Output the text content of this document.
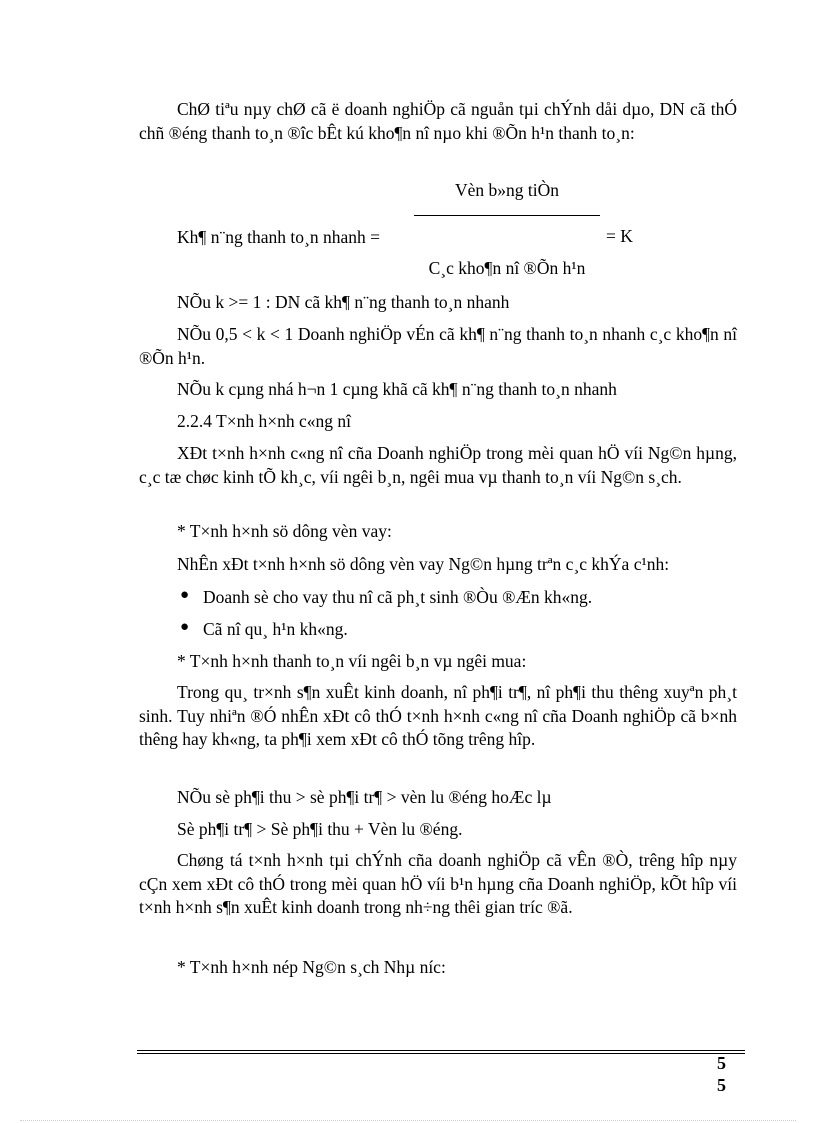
ChØ tiªu nµy chØ cã ë doanh nghiÖp cã nguån tµi chÝnh dåi dµo, DN cã thÓ chñ ®éng thanh to¸n ®îc bÊt kú kho¶n nî nµo khi ®Õn h¹n thanh to¸n:

Vèn b»ng tiÒn
Kh¶ n¨ng thanh to¸n nhanh =	= K
C¸c kho¶n nî ®Õn h¹n
NÕu k >= 1 : DN cã kh¶ n¨ng thanh to¸n nhanh

NÕu 0,5 < k < 1 Doanh nghiÖp vÉn cã kh¶ n¨ng thanh to¸n nhanh c¸c kho¶n nî ®Õn h¹n.

NÕu k cµng nhá h¬n 1 cµng khã cã kh¶ n¨ng thanh to¸n nhanh
2.2.4 T×nh h×nh c«ng nî

XÐt t×nh h×nh c«ng nî cña Doanh nghiÖp trong mèi quan hÖ víi Ng©n hµng, c¸c tæ chøc kinh tÕ kh¸c, víi ngêi b¸n, ngêi mua vµ thanh to¸n víi Ng©n s¸ch.

* T×nh h×nh sö dông vèn vay:
NhÊn xÐt t×nh h×nh sö dông vèn vay Ng©n hµng trªn c¸c khÝa c¹nh:
● Doanh sè cho vay thu nî cã ph¸t sinh ®Òu ®Æn kh«ng.
● Cã nî qu¸ h¹n kh«ng.
* T×nh h×nh thanh to¸n víi ngêi b¸n vµ ngêi mua:

Trong qu¸ tr×nh s¶n xuÊt kinh doanh, nî ph¶i tr¶, nî ph¶i thu thêng xuyªn ph¸t sinh. Tuy nhiªn ®Ó nhÊn xÐt cô thÓ t×nh h×nh c«ng nî cña Doanh nghiÖp cã b×nh thêng hay kh«ng, ta ph¶i xem xÐt cô thÓ tõng trêng hîp.

NÕu sè ph¶i thu > sè ph¶i tr¶ > vèn lu ®éng hoÆc lµ
Sè ph¶i tr¶ > Sè ph¶i thu + Vèn lu ®éng.

Chøng tá t×nh h×nh tµi chÝnh cña doanh nghiÖp cã vÊn ®Ò, trêng hîp nµy cÇn xem xÐt cô thÓ trong mèi quan hÖ víi b¹n hµng cña Doanh nghiÖp, kÕt hîp víi t×nh h×nh s¶n xuÊt kinh doanh trong nh÷ng thêi gian tríc ®ã.

* T×nh h×nh nép Ng©n s¸ch Nhµ níc:
5
5
